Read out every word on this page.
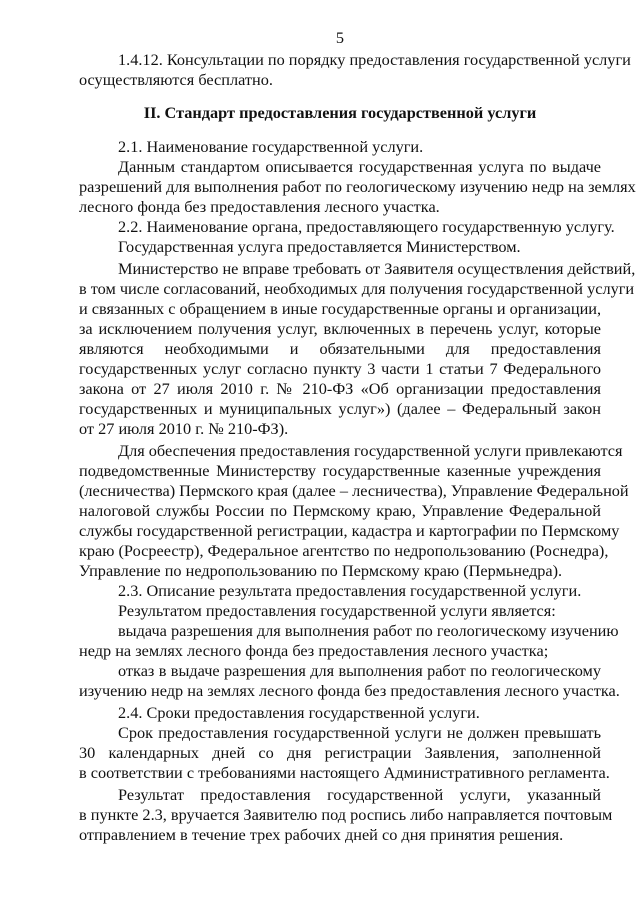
5
1.4.12. Консультации по порядку предоставления государственной услуги
осуществляются бесплатно.
II. Стандарт предоставления государственной услуги
2.1. Наименование государственной услуги.
Данным стандартом описывается государственная услуга по выдаче
разрешений для выполнения работ по геологическому изучению недр на землях
лесного фонда без предоставления лесного участка.
2.2. Наименование органа, предоставляющего государственную услугу.
Государственная услуга предоставляется Министерством.
Министерство не вправе требовать от Заявителя осуществления действий,
в том числе согласований, необходимых для получения государственной услуги
и связанных с обращением в иные государственные органы и организации,
за исключением получения услуг, включенных в перечень услуг, которые
являются необходимыми и обязательными для предоставления
государственных услуг согласно пункту 3 части 1 статьи 7 Федерального
закона от 27 июля 2010 г. № 210-ФЗ «Об организации предоставления
государственных и муниципальных услуг») (далее – Федеральный закон
от 27 июля 2010 г. № 210-ФЗ).
Для обеспечения предоставления государственной услуги привлекаются
подведомственные Министерству государственные казенные учреждения
(лесничества) Пермского края (далее – лесничества), Управление Федеральной
налоговой службы России по Пермскому краю, Управление Федеральной
службы государственной регистрации, кадастра и картографии по Пермскому
краю (Росреестр), Федеральное агентство по недропользованию (Роснедра),
Управление по недропользованию по Пермскому краю (Пермьнедра).
2.3. Описание результата предоставления государственной услуги.
Результатом предоставления государственной услуги является:
выдача разрешения для выполнения работ по геологическому изучению
недр на землях лесного фонда без предоставления лесного участка;
отказ в выдаче разрешения для выполнения работ по геологическому
изучению недр на землях лесного фонда без предоставления лесного участка.
2.4. Сроки предоставления государственной услуги.
Срок предоставления государственной услуги не должен превышать
30 календарных дней со дня регистрации Заявления, заполненной
в соответствии с требованиями настоящего Административного регламента.
Результат предоставления государственной услуги, указанный
в пункте 2.3, вручается Заявителю под роспись либо направляется почтовым
отправлением в течение трех рабочих дней со дня принятия решения.
